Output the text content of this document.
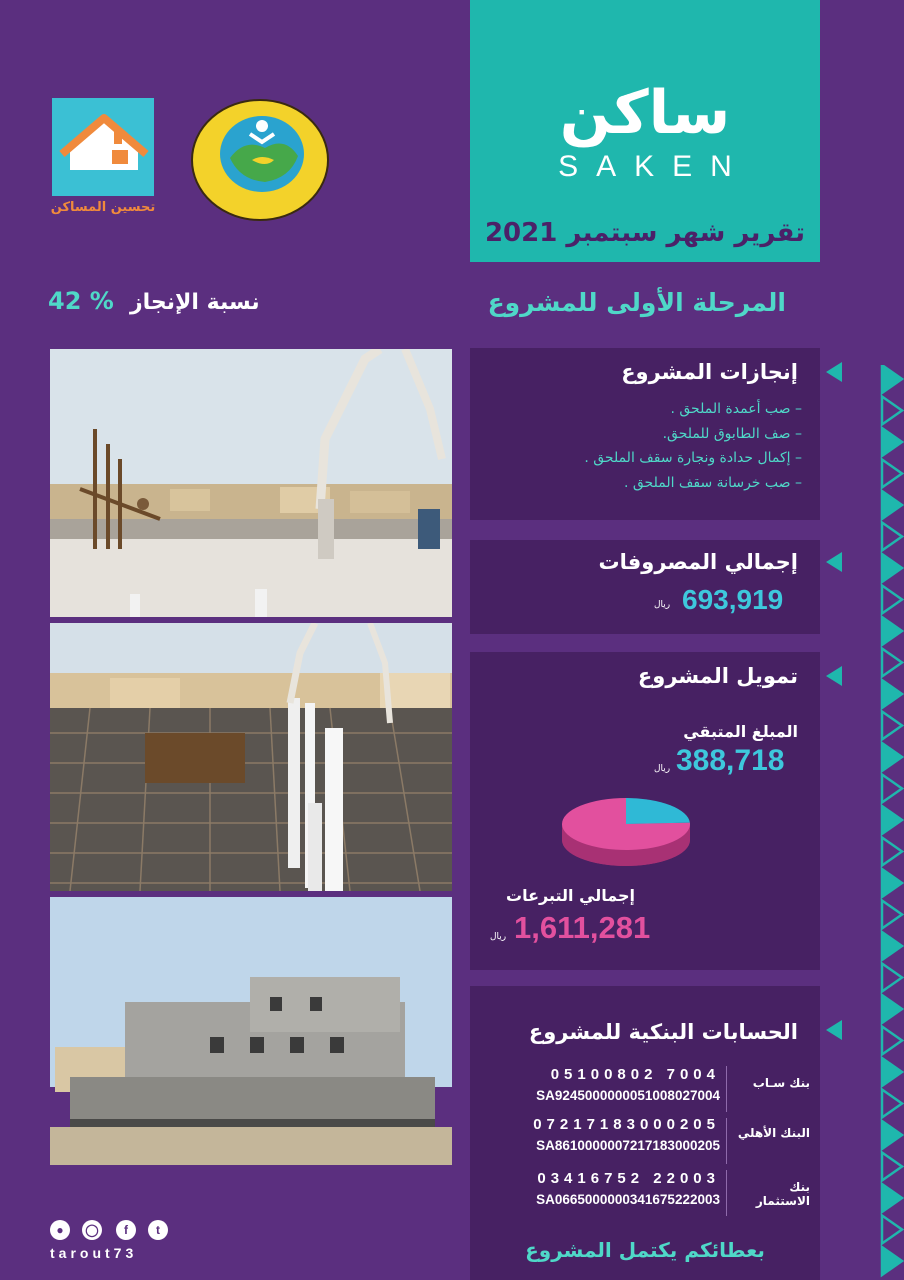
ساكن
SAKEN
تقرير شهر سبتمبر 2021
تحسين المساكن
نسبة الإنجاز
42 %	المرحلة الأولى للمشروع
إنجازات المشروع
– صب أعمدة الملحق .
– صف الطابوق للملحق.
– إكمال حدادة ونجارة سقف الملحق .
– صب خرسانة سقف الملحق .
إجمالي المصروفات
693,919
ريال
تمويل المشروع
المبلغ المتبقي
388,718
ريال
إجمالي التبرعات
1,611,281
ريال
الحسابات البنكية للمشروع
05100802 7004
SA9245000000051008027004
بنك سـاب
07217183000205
SA8610000007217183000205
البنك الأهلي
03416752 22003
SA0665000000341675222003
بنك الاستثمار
بعطائكم يكتمل المشروع
●	◯	f	t
tarout73
